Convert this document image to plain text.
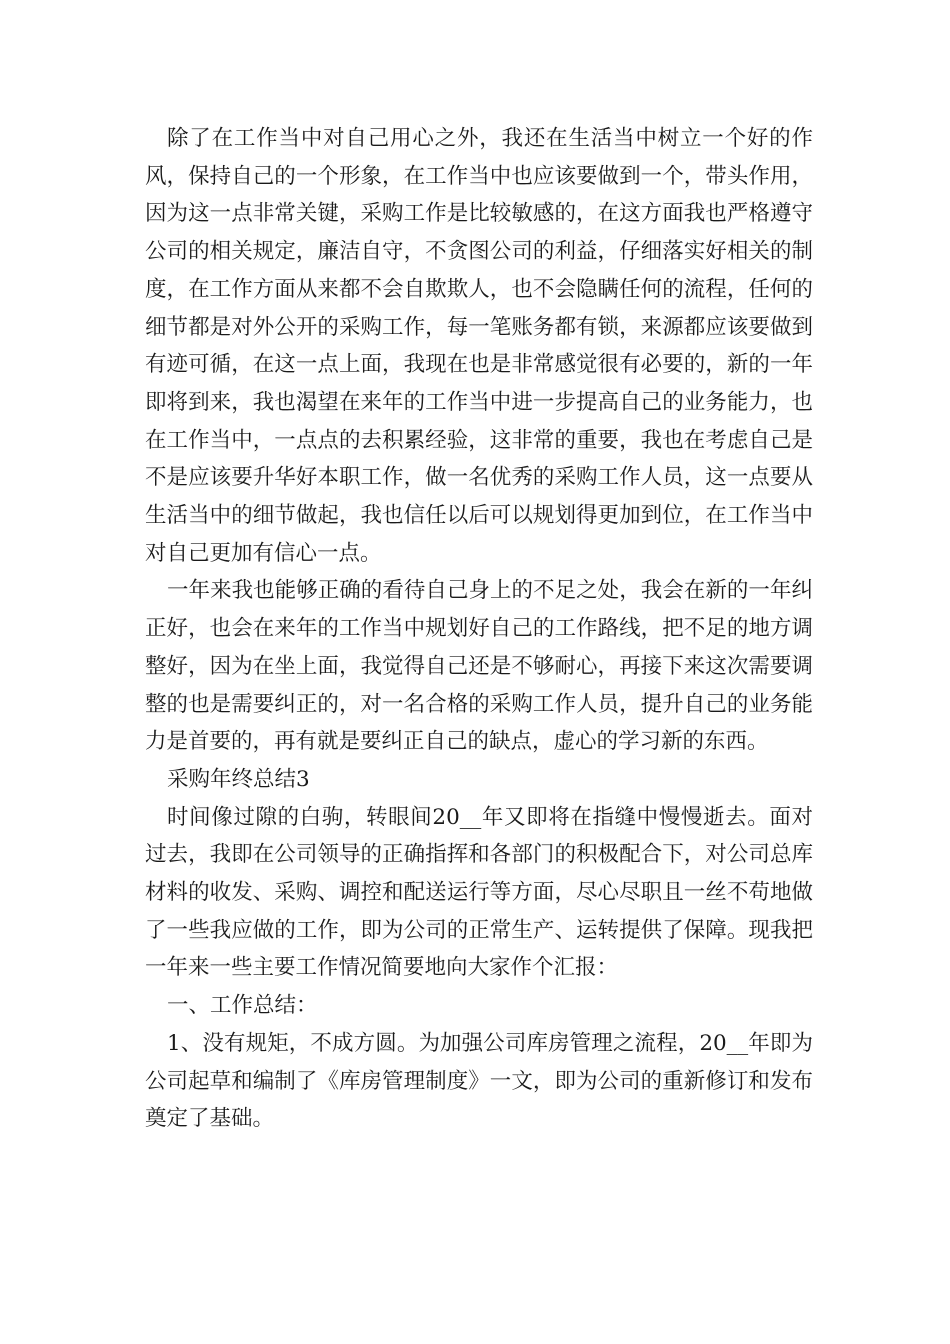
除了在工作当中对自己用心之外，我还在生活当中树立一个好的作风，保持自己的一个形象，在工作当中也应该要做到一个，带头作用，因为这一点非常关键，采购工作是比较敏感的，在这方面我也严格遵守公司的相关规定，廉洁自守，不贪图公司的利益，仔细落实好相关的制度，在工作方面从来都不会自欺欺人，也不会隐瞒任何的流程，任何的细节都是对外公开的采购工作，每一笔账务都有锁，来源都应该要做到有迹可循，在这一点上面，我现在也是非常感觉很有必要的，新的一年即将到来，我也渴望在来年的工作当中进一步提高自己的业务能力，也在工作当中，一点点的去积累经验，这非常的重要，我也在考虑自己是不是应该要升华好本职工作，做一名优秀的采购工作人员，这一点要从生活当中的细节做起，我也信任以后可以规划得更加到位，在工作当中对自己更加有信心一点。

一年来我也能够正确的看待自己身上的不足之处，我会在新的一年纠正好，也会在来年的工作当中规划好自己的工作路线，把不足的地方调整好，因为在坐上面，我觉得自己还是不够耐心，再接下来这次需要调整的也是需要纠正的，对一名合格的采购工作人员，提升自己的业务能力是首要的，再有就是要纠正自己的缺点，虚心的学习新的东西。

采购年终总结3

时间像过隙的白驹，转眼间20__年又即将在指缝中慢慢逝去。面对过去，我即在公司领导的正确指挥和各部门的积极配合下，对公司总库材料的收发、采购、调控和配送运行等方面，尽心尽职且一丝不苟地做了一些我应做的工作，即为公司的正常生产、运转提供了保障。现我把一年来一些主要工作情况简要地向大家作个汇报：

一、工作总结：

1、没有规矩，不成方圆。为加强公司库房管理之流程，20__年即为公司起草和编制了《库房管理制度》一文，即为公司的重新修订和发布奠定了基础。
